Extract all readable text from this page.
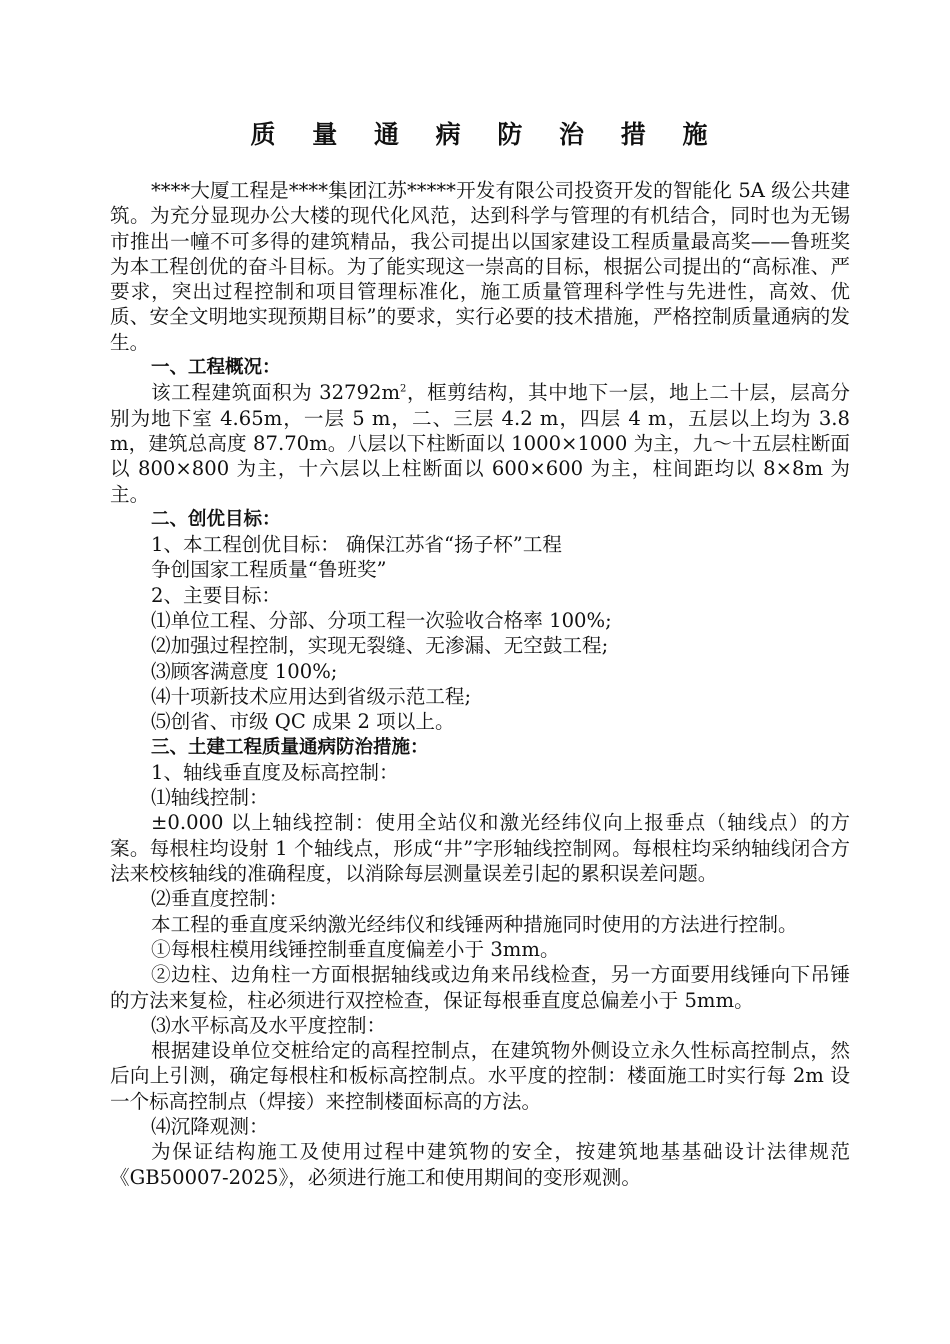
质 量 通 病 防 治 措 施

****大厦工程是****集团江苏*****开发有限公司投资开发的智能化 5A 级公共建筑。为充分显现办公大楼的现代化风范，达到科学与管理的有机结合，同时也为无锡市推出一幢不可多得的建筑精品，我公司提出以国家建设工程质量最高奖——鲁班奖为本工程创优的奋斗目标。为了能实现这一崇高的目标，根据公司提出的“高标准、严要求，突出过程控制和项目管理标准化，施工质量管理科学性与先进性，高效、优质、安全文明地实现预期目标”的要求，实行必要的技术措施，严格控制质量通病的发生。

一、工程概况：

该工程建筑面积为 $32792m^2$，框剪结构，其中地下一层，地上二十层，层高分别为地下室 4.65m，一层 5 m，二、三层 4.2 m，四层 4 m，五层以上均为 3.8 m，建筑总高度 87.70m。八层以下柱断面以 1000×1000 为主，九～十五层柱断面以 800×800 为主，十六层以上柱断面以 600×600 为主，柱间距均以 8×8m 为主。

二、创优目标：

1、本工程创优目标： 确保江苏省“扬子杯”工程

争创国家工程质量“鲁班奖”

2、主要目标：

⑴单位工程、分部、分项工程一次验收合格率 100%;

⑵加强过程控制，实现无裂缝、无渗漏、无空鼓工程;

⑶顾客满意度 100%;

⑷十项新技术应用达到省级示范工程;

⑸创省、市级 QC 成果 2 项以上。

三、土建工程质量通病防治措施：

1、轴线垂直度及标高控制：

⑴轴线控制：

±0.000 以上轴线控制：使用全站仪和激光经纬仪向上报垂点（轴线点）的方案。每根柱均设射 1 个轴线点，形成“井”字形轴线控制网。每根柱均采纳轴线闭合方法来校核轴线的准确程度，以消除每层测量误差引起的累积误差问题。

⑵垂直度控制：

本工程的垂直度采纳激光经纬仪和线锤两种措施同时使用的方法进行控制。

①每根柱模用线锤控制垂直度偏差小于 3mm。

②边柱、边角柱一方面根据轴线或边角来吊线检查，另一方面要用线锤向下吊锤的方法来复检，柱必须进行双控检查，保证每根垂直度总偏差小于 5mm。

⑶水平标高及水平度控制：

根据建设单位交桩给定的高程控制点，在建筑物外侧设立永久性标高控制点，然后向上引测，确定每根柱和板标高控制点。水平度的控制：楼面施工时实行每 2m 设一个标高控制点（焊接）来控制楼面标高的方法。

⑷沉降观测：

为保证结构施工及使用过程中建筑物的安全，按建筑地基基础设计法律规范《GB50007-2025》，必须进行施工和使用期间的变形观测。
